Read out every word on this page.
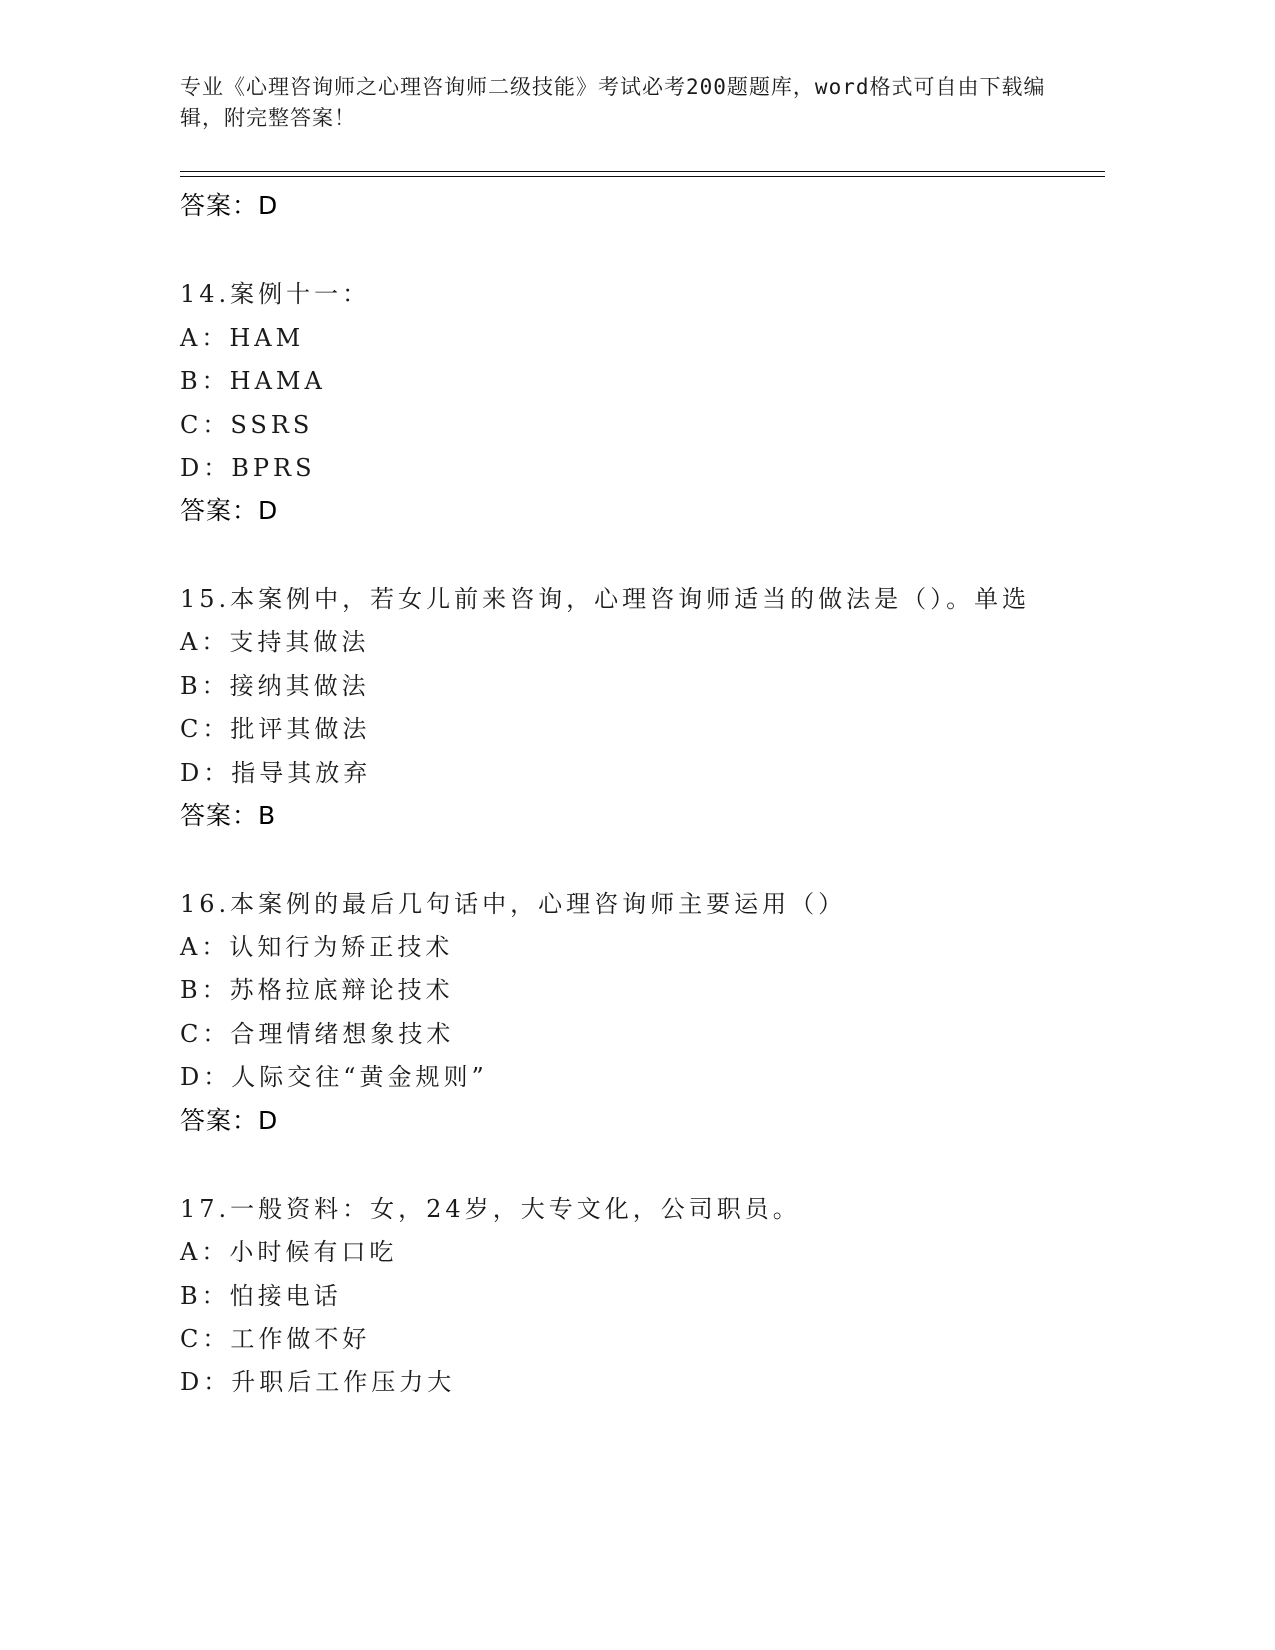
专业《心理咨询师之心理咨询师二级技能》考试必考200题题库，word格式可自由下载编辑，附完整答案！
答案：D
14.案例十一：
A：HAM
B：HAMA
C：SSRS
D：BPRS
答案：D
15.本案例中，若女儿前来咨询，心理咨询师适当的做法是（）。单选
A：支持其做法
B：接纳其做法
C：批评其做法
D：指导其放弃
答案：B
16.本案例的最后几句话中，心理咨询师主要运用（）
A：认知行为矫正技术
B：苏格拉底辩论技术
C：合理情绪想象技术
D：人际交往“黄金规则”
答案：D
17.一般资料：女，24岁，大专文化，公司职员。
A：小时候有口吃
B：怕接电话
C：工作做不好
D：升职后工作压力大
